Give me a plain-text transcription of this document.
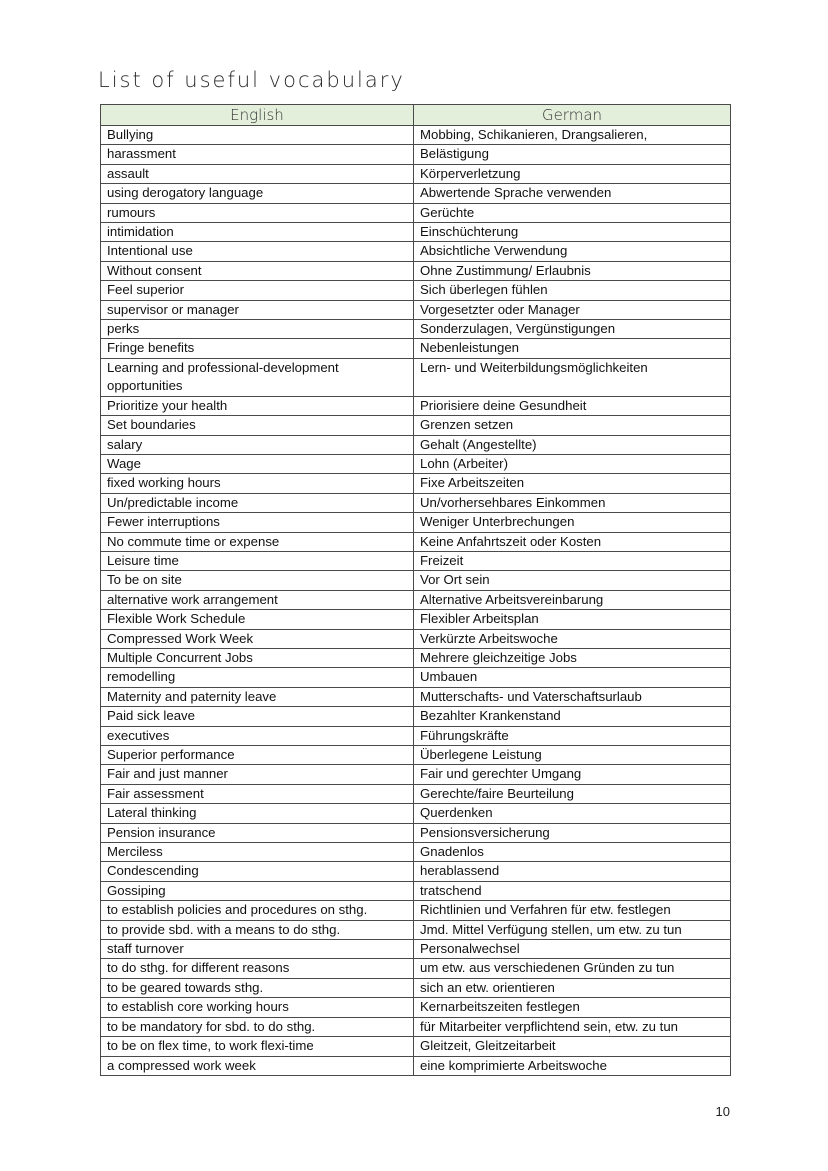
List of useful vocabulary
English	German
Bullying	Mobbing, Schikanieren, Drangsalieren,
harassment	Belästigung
assault	Körperverletzung
using derogatory language	Abwertende Sprache verwenden
rumours	Gerüchte
intimidation	Einschüchterung
Intentional use	Absichtliche Verwendung
Without consent	Ohne Zustimmung/ Erlaubnis
Feel superior	Sich überlegen fühlen
supervisor or manager	Vorgesetzter oder Manager
perks	Sonderzulagen, Vergünstigungen
Fringe benefits	Nebenleistungen
Learning and professional-development opportunities	Lern- und Weiterbildungsmöglichkeiten
Prioritize your health	Priorisiere deine Gesundheit
Set boundaries	Grenzen setzen
salary	Gehalt (Angestellte)
Wage	Lohn (Arbeiter)
fixed working hours	Fixe Arbeitszeiten
Un/predictable income	Un/vorhersehbares Einkommen
Fewer interruptions	Weniger Unterbrechungen
No commute time or expense	Keine Anfahrtszeit oder Kosten
Leisure time	Freizeit
To be on site	Vor Ort sein
alternative work arrangement	Alternative Arbeitsvereinbarung
Flexible Work Schedule	Flexibler Arbeitsplan
Compressed Work Week	Verkürzte Arbeitswoche
Multiple Concurrent Jobs	Mehrere gleichzeitige Jobs
remodelling	Umbauen
Maternity and paternity leave	Mutterschafts- und Vaterschaftsurlaub
Paid sick leave	Bezahlter Krankenstand
executives	Führungskräfte
Superior performance	Überlegene Leistung
Fair and just manner	Fair und gerechter Umgang
Fair assessment	Gerechte/faire Beurteilung
Lateral thinking	Querdenken
Pension insurance	Pensionsversicherung
Merciless	Gnadenlos
Condescending	herablassend
Gossiping	tratschend
to establish policies and procedures on sthg.	Richtlinien und Verfahren für etw. festlegen
to provide sbd. with a means to do sthg.	Jmd. Mittel Verfügung stellen, um etw. zu tun
staff turnover	Personalwechsel
to do sthg. for different reasons	um etw. aus verschiedenen Gründen zu tun
to be geared towards sthg.	sich an etw. orientieren
to establish core working hours	Kernarbeitszeiten festlegen
to be mandatory for sbd. to do sthg.	für Mitarbeiter verpflichtend sein, etw. zu tun
to be on flex time, to work flexi-time	Gleitzeit, Gleitzeitarbeit
a compressed work week	eine komprimierte Arbeitswoche
10
